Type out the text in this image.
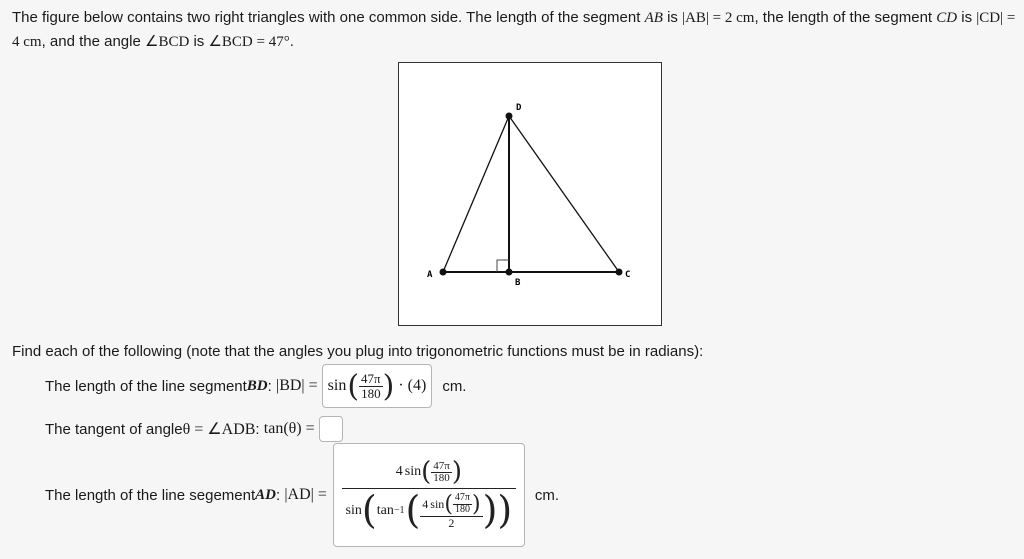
The figure below contains two right triangles with one common side. The length of the segment AB is |AB| = 2 cm, the length of the segment CD is |CD| = 4 cm, and the angle ∠BCD is ∠BCD = 47°.
A
B
C
D
Find each of the following (note that the angles you plug into trigonometric functions must be in radians):
The length of the line segment BD : |BD| = sin ( $\frac{47\pi}{180}$ ) · (4) cm.
The tangent of angle θ = ∠ADB : tan(θ) =
The length of the line segement AD : |AD| =
4 sin ( $\frac{47\pi}{180}$ )
sin ( tan −1 ( 4 sin ( $\frac{47\pi}{180}$ )
2 ) ) cm.
